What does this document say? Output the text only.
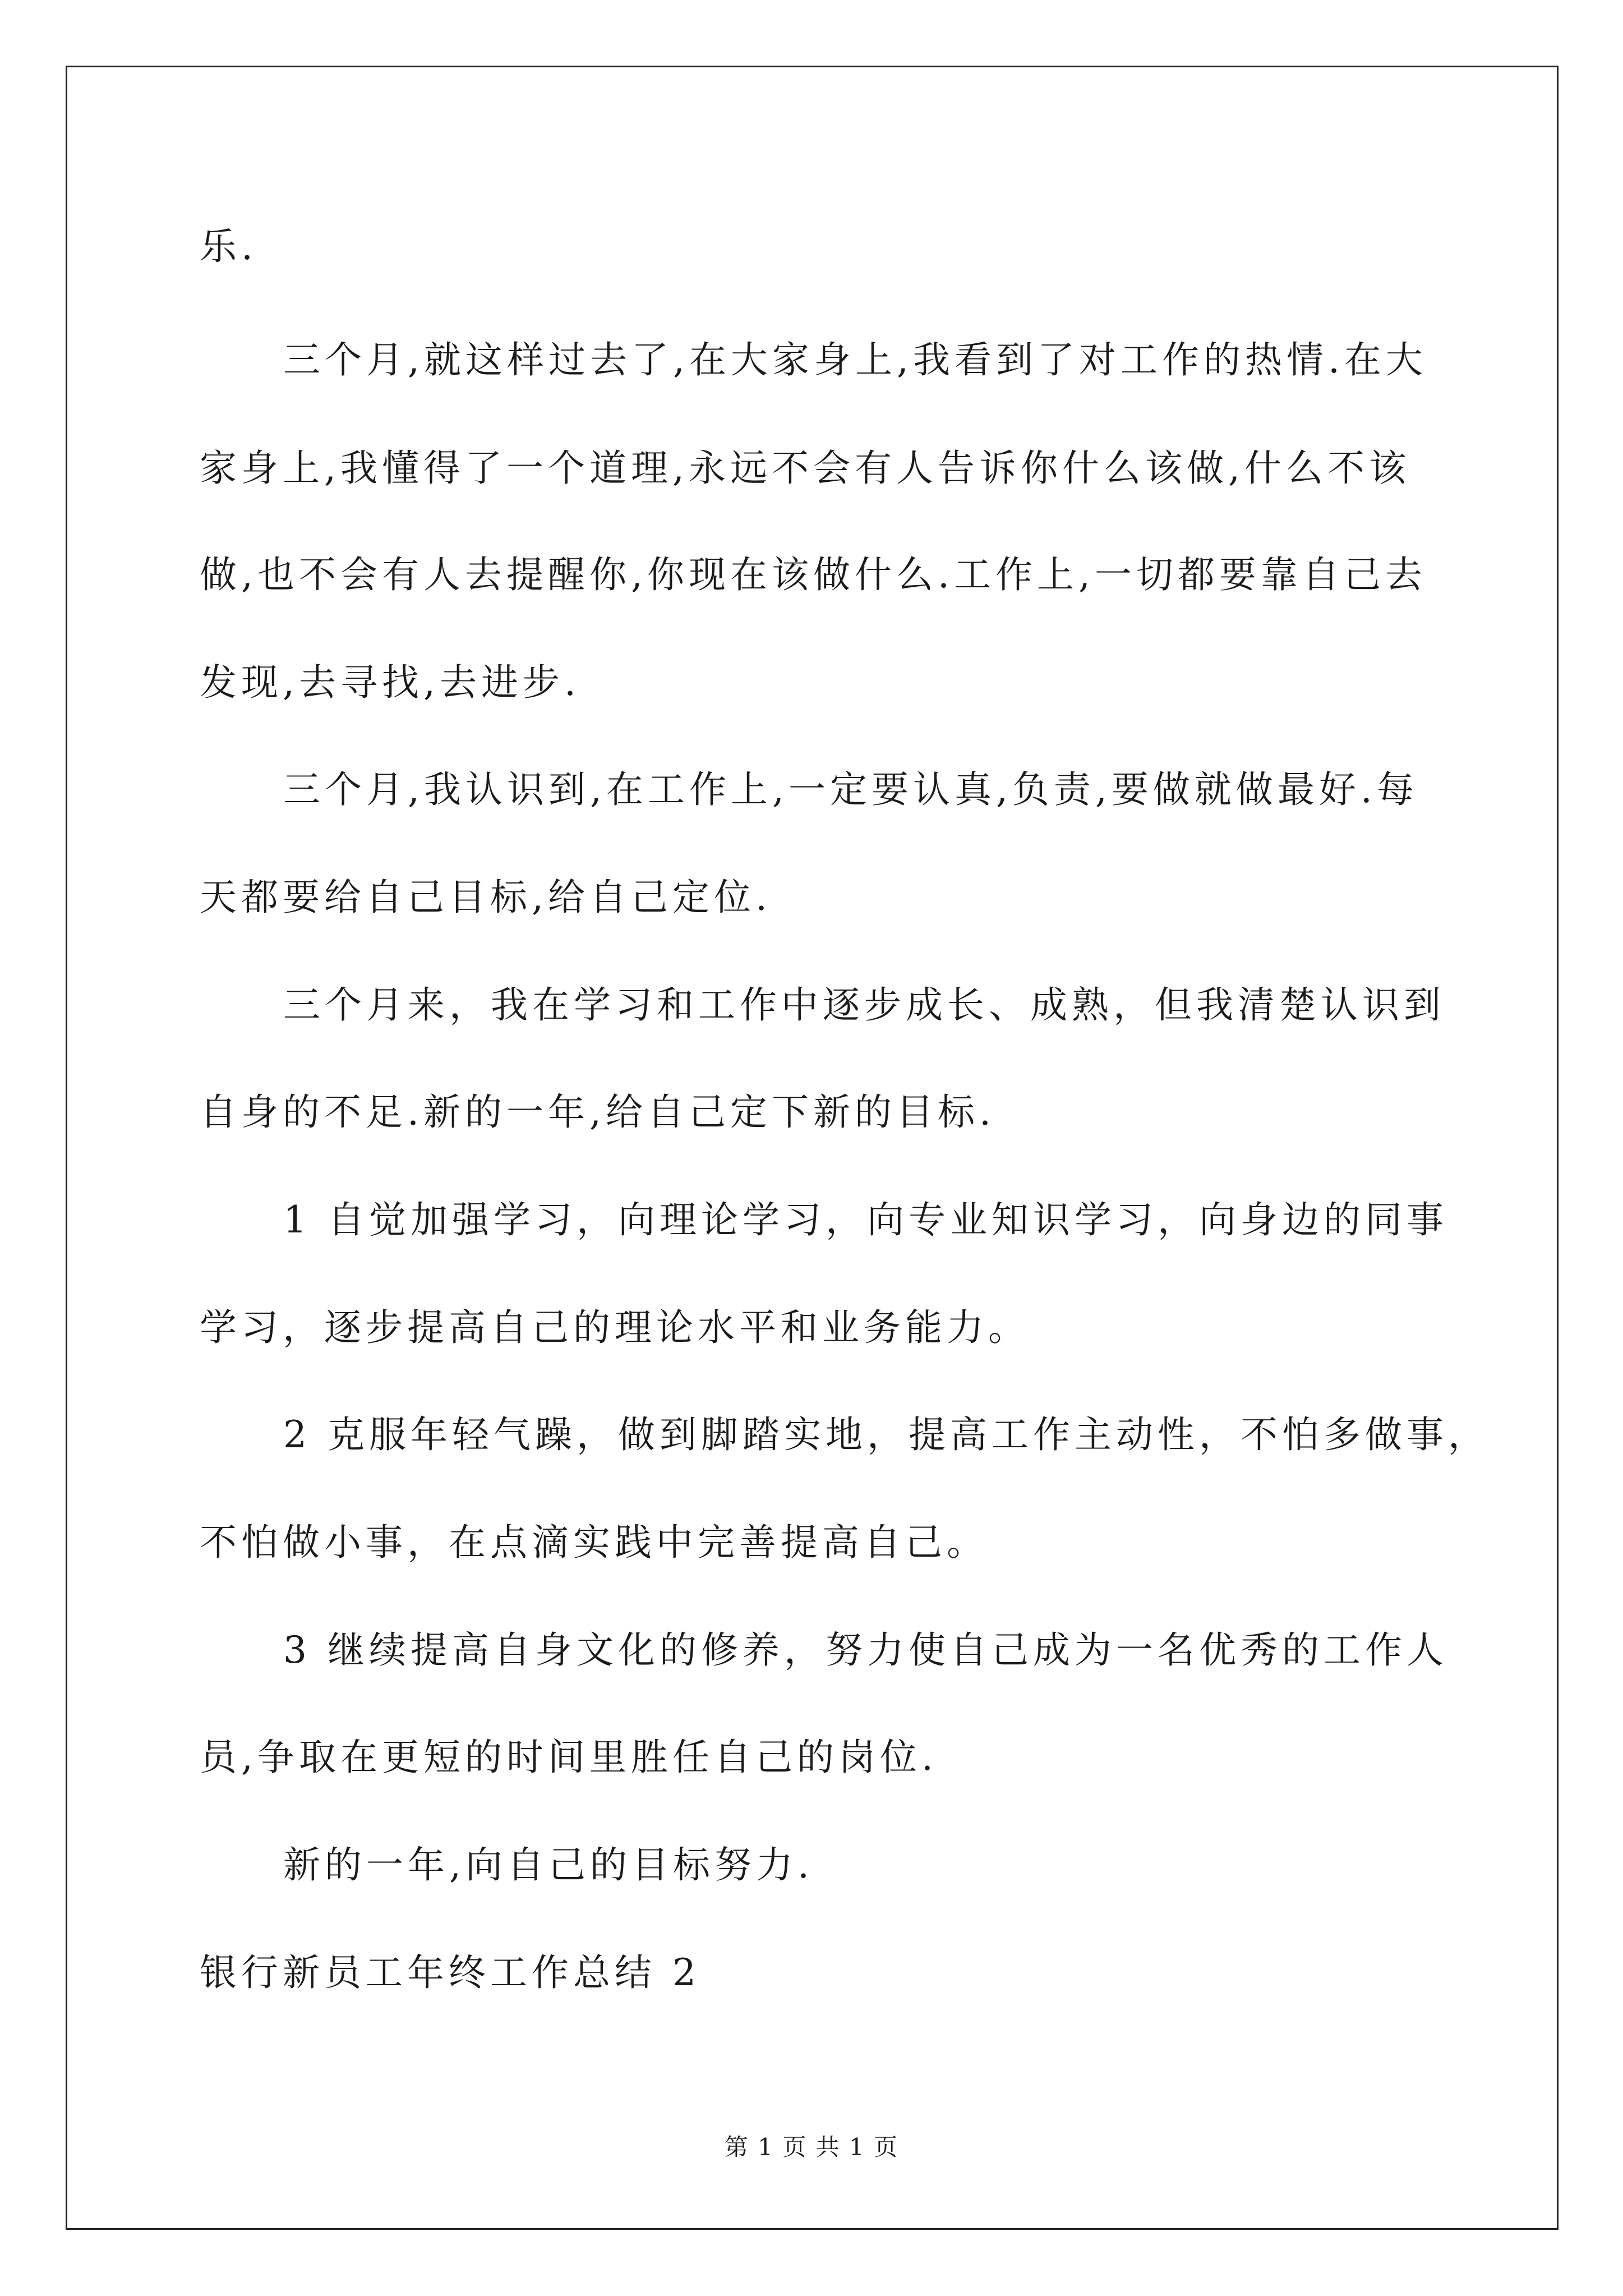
乐.
三个月,就这样过去了,在大家身上,我看到了对工作的热情.在大
家身上,我懂得了一个道理,永远不会有人告诉你什么该做,什么不该
做,也不会有人去提醒你,你现在该做什么.工作上,一切都要靠自己去
发现,去寻找,去进步.
三个月,我认识到,在工作上,一定要认真,负责,要做就做最好.每
天都要给自己目标,给自己定位.
三个月来，我在学习和工作中逐步成长、成熟，但我清楚认识到
自身的不足.新的一年,给自己定下新的目标.
1 自觉加强学习，向理论学习，向专业知识学习，向身边的同事
学习，逐步提高自己的理论水平和业务能力。
2 克服年轻气躁，做到脚踏实地，提高工作主动性，不怕多做事，
不怕做小事，在点滴实践中完善提高自己。
3 继续提高自身文化的修养，努力使自己成为一名优秀的工作人
员,争取在更短的时间里胜任自己的岗位.
新的一年,向自己的目标努力.
银行新员工年终工作总结 2
第 1 页 共 1 页
